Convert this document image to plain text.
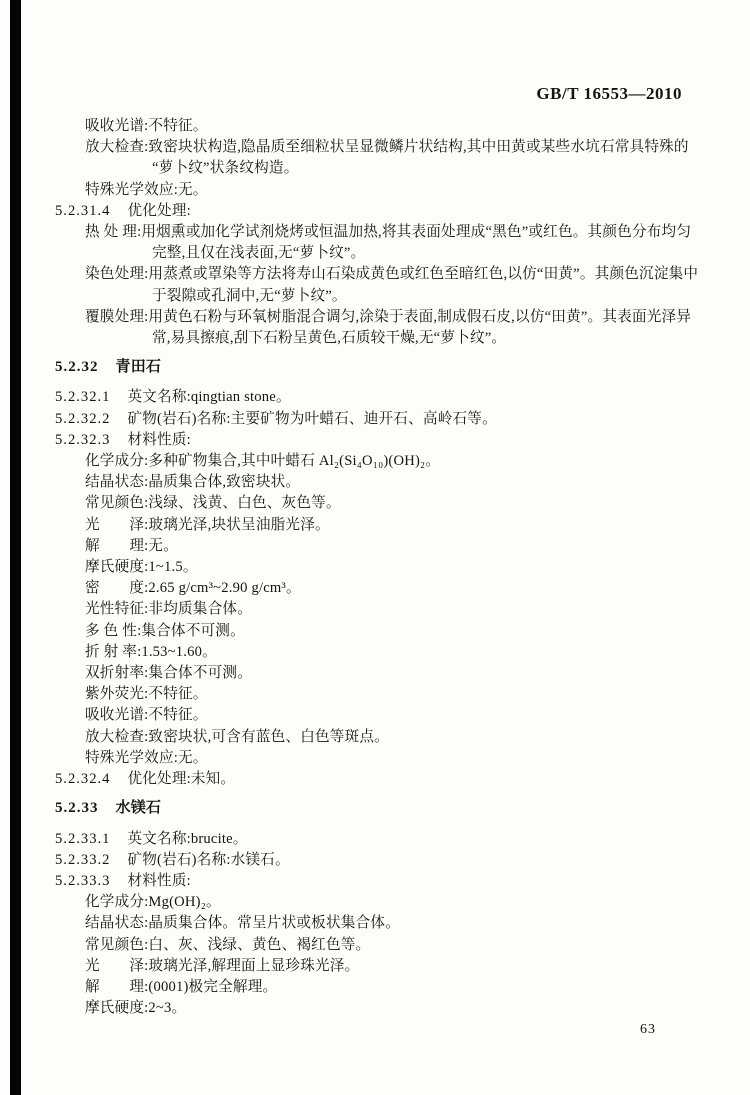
GB/T 16553—2010
吸收光谱:不特征。
放大检查:致密块状构造,隐晶质至细粒状呈显微鳞片状结构,其中田黄或某些水坑石常具特殊的
“萝卜纹”状条纹构造。
特殊光学效应:无。
5.2.31.4 优化处理:
热 处 理:用烟熏或加化学试剂烧烤或恒温加热,将其表面处理成“黑色”或红色。其颜色分布均匀
完整,且仅在浅表面,无“萝卜纹”。
染色处理:用蒸煮或罩染等方法将寿山石染成黄色或红色至暗红色,以仿“田黄”。其颜色沉淀集中
于裂隙或孔洞中,无“萝卜纹”。
覆膜处理:用黄色石粉与环氧树脂混合调匀,涂染于表面,制成假石皮,以仿“田黄”。其表面光泽异
常,易具擦痕,刮下石粉呈黄色,石质较干燥,无“萝卜纹”。
5.2.32 青田石
5.2.32.1 英文名称:qingtian stone。
5.2.32.2 矿物(岩石)名称:主要矿物为叶蜡石、迪开石、高岭石等。
5.2.32.3 材料性质:
化学成分:多种矿物集合,其中叶蜡石 Al₂(Si₄O₁₀)(OH)₂。
结晶状态:晶质集合体,致密块状。
常见颜色:浅绿、浅黄、白色、灰色等。
光　　泽:玻璃光泽,块状呈油脂光泽。
解　　理:无。
摩氏硬度:1~1.5。
密　　度:2.65 g/cm³~2.90 g/cm³。
光性特征:非均质集合体。
多 色 性:集合体不可测。
折 射 率:1.53~1.60。
双折射率:集合体不可测。
紫外荧光:不特征。
吸收光谱:不特征。
放大检查:致密块状,可含有蓝色、白色等斑点。
特殊光学效应:无。
5.2.32.4 优化处理:未知。
5.2.33 水镁石
5.2.33.1 英文名称:brucite。
5.2.33.2 矿物(岩石)名称:水镁石。
5.2.33.3 材料性质:
化学成分:Mg(OH)₂。
结晶状态:晶质集合体。常呈片状或板状集合体。
常见颜色:白、灰、浅绿、黄色、褐红色等。
光　　泽:玻璃光泽,解理面上显珍珠光泽。
解　　理:(0001)极完全解理。
摩氏硬度:2~3。
63
